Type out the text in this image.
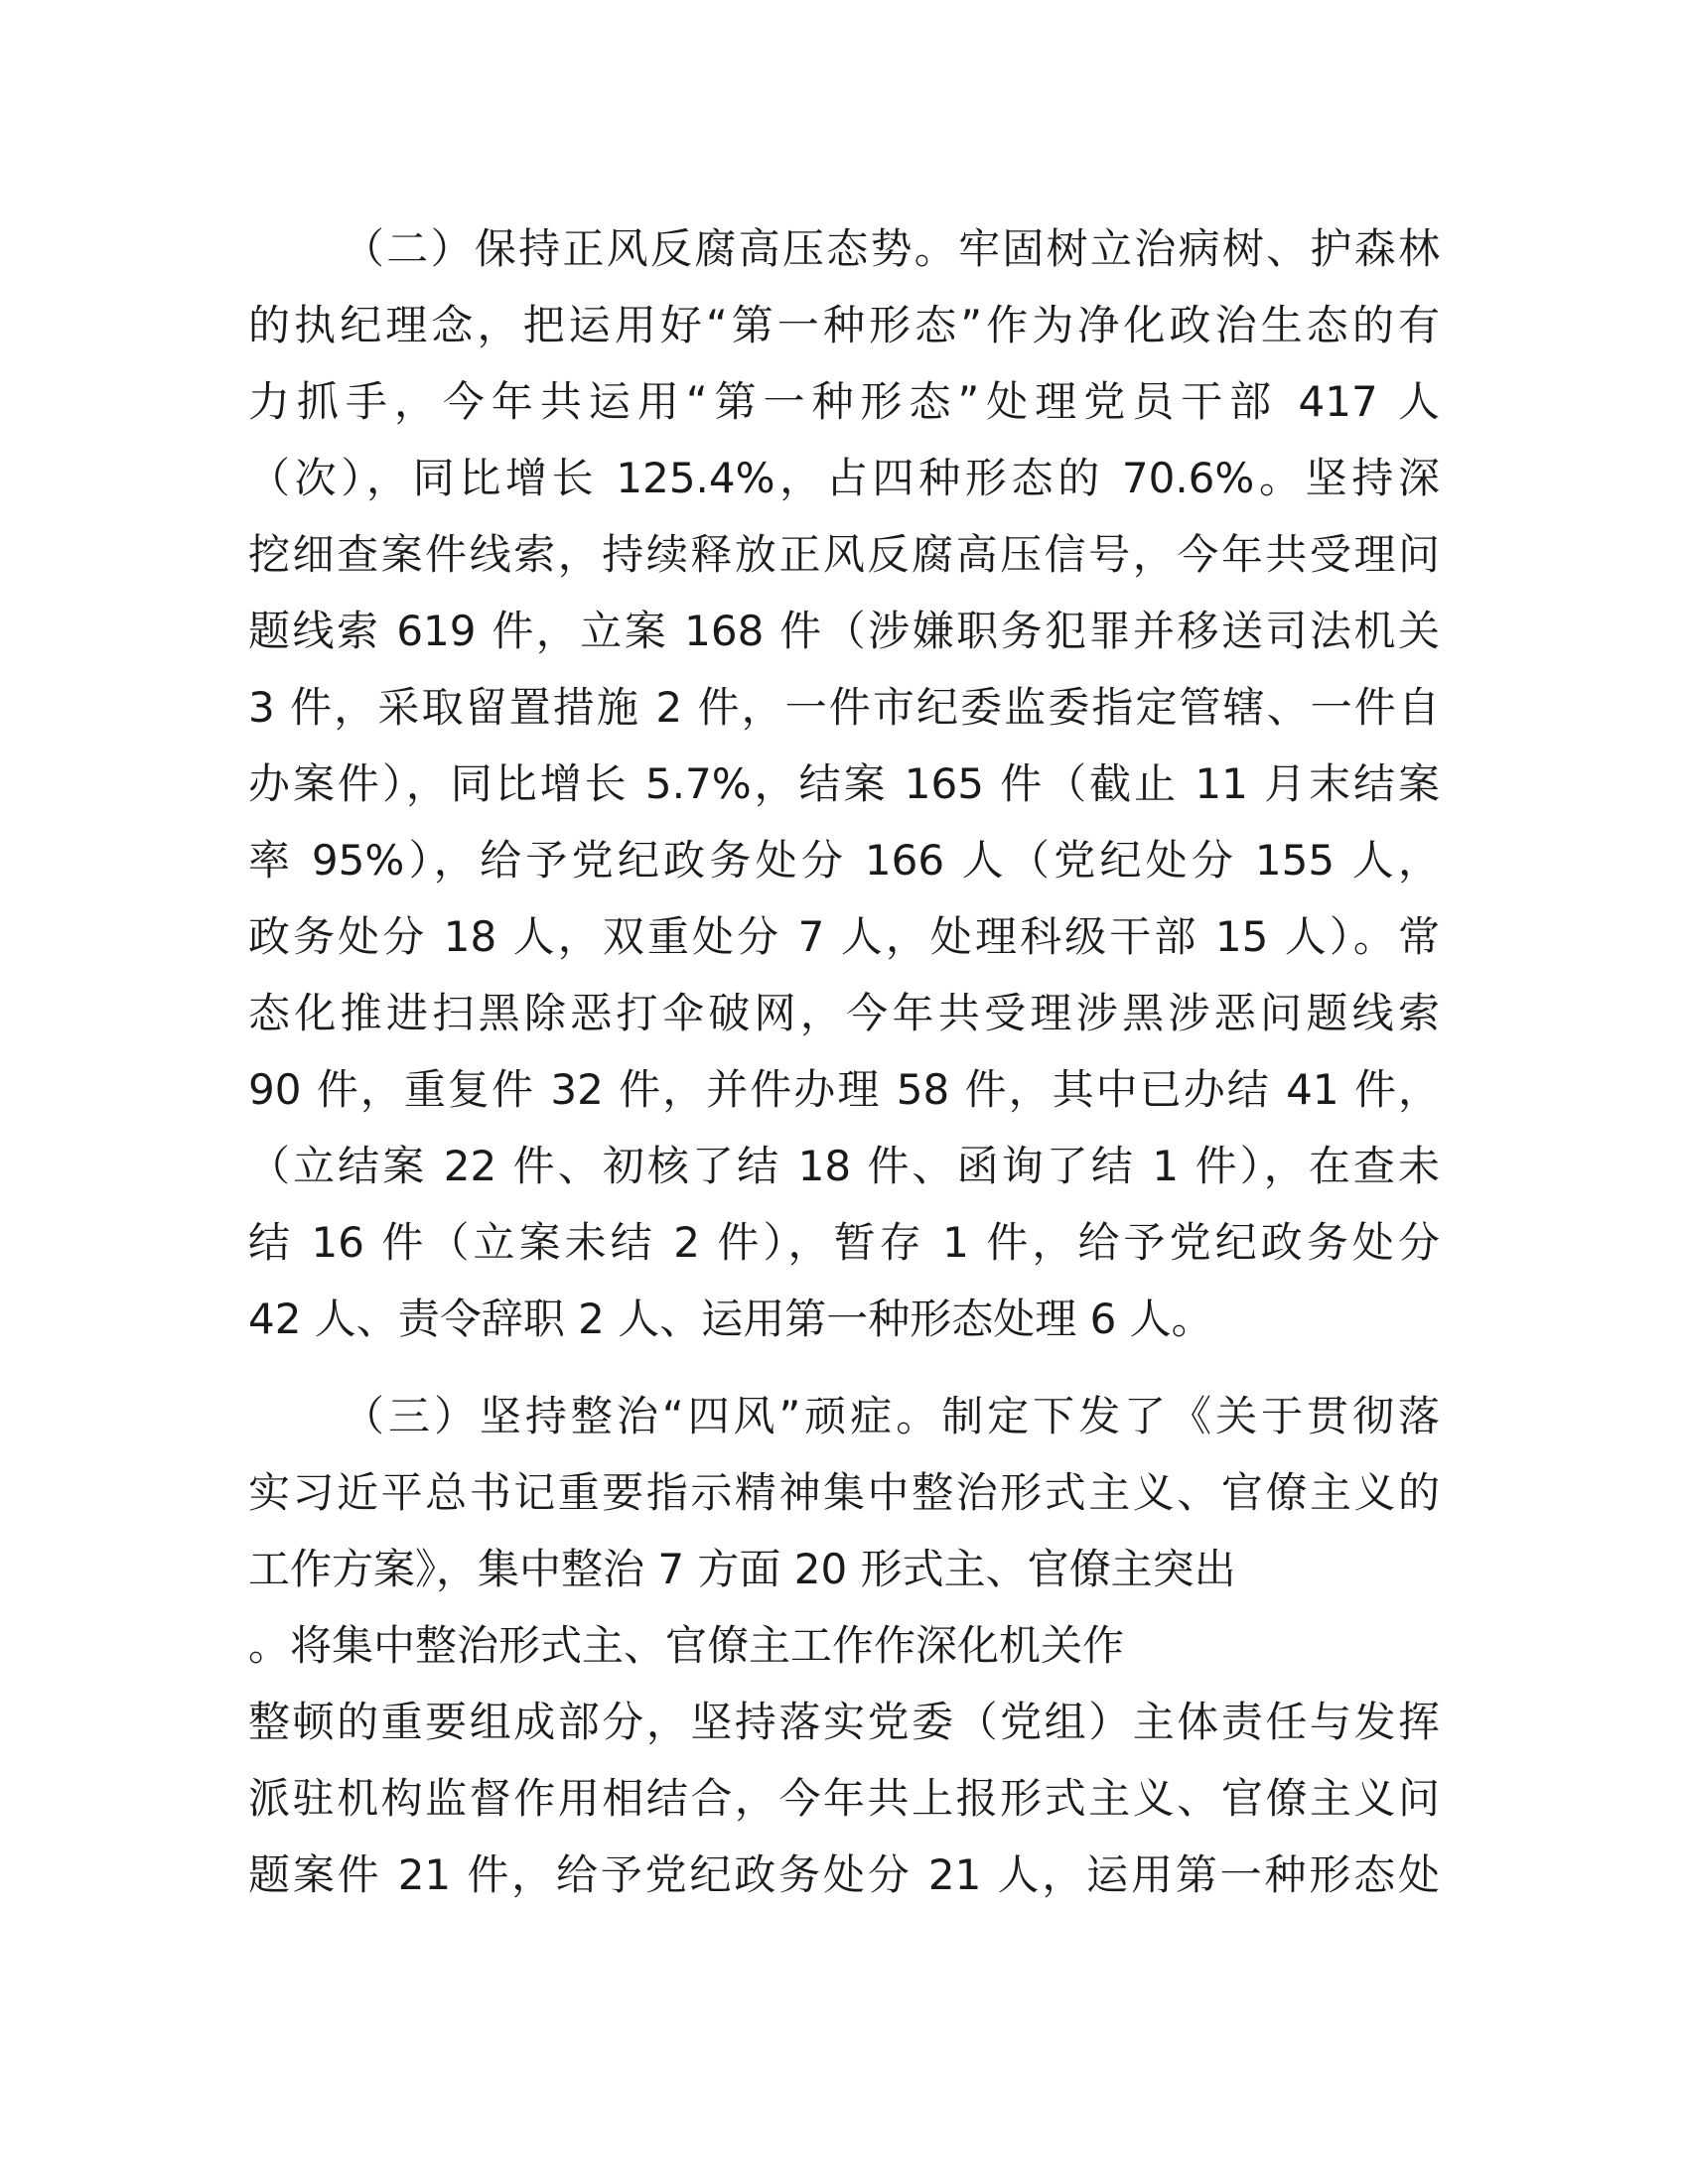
（二）保持正风反腐高压态势。牢固树立治病树、护森林
的执纪理念，把运用好“第一种形态”作为净化政治生态的有
力抓手，今年共运用“第一种形态”处理党员干部 417 人
（次），同比增长 125.4%，占四种形态的 70.6%。坚持深
挖细查案件线索，持续释放正风反腐高压信号，今年共受理问
题线索 619 件，立案 168 件（涉嫌职务犯罪并移送司法机关
3 件，采取留置措施 2 件，一件市纪委监委指定管辖、一件自
办案件），同比增长 5.7%，结案 165 件（截止 11 月末结案
率 95%），给予党纪政务处分 166 人（党纪处分 155 人，
政务处分 18 人，双重处分 7 人，处理科级干部 15 人）。常
态化推进扫黑除恶打伞破网，今年共受理涉黑涉恶问题线索
90 件，重复件 32 件，并件办理 58 件，其中已办结 41 件，
（立结案 22 件、初核了结 18 件、函询了结 1 件），在查未
结 16 件（立案未结 2 件），暂存 1 件，给予党纪政务处分
42 人、责令辞职 2 人、运用第一种形态处理 6 人。
（三）坚持整治“四风”顽症。制定下发了《关于贯彻落
实习近平总书记重要指示精神集中整治形式主义、官僚主义的
工作方案》，集中整治 7 方面 20 形式主、官僚主突出
。将集中整治形式主、官僚主工作作深化机关作
整顿的重要组成部分，坚持落实党委（党组）主体责任与发挥
派驻机构监督作用相结合，今年共上报形式主义、官僚主义问
题案件 21 件，给予党纪政务处分 21 人，运用第一种形态处
